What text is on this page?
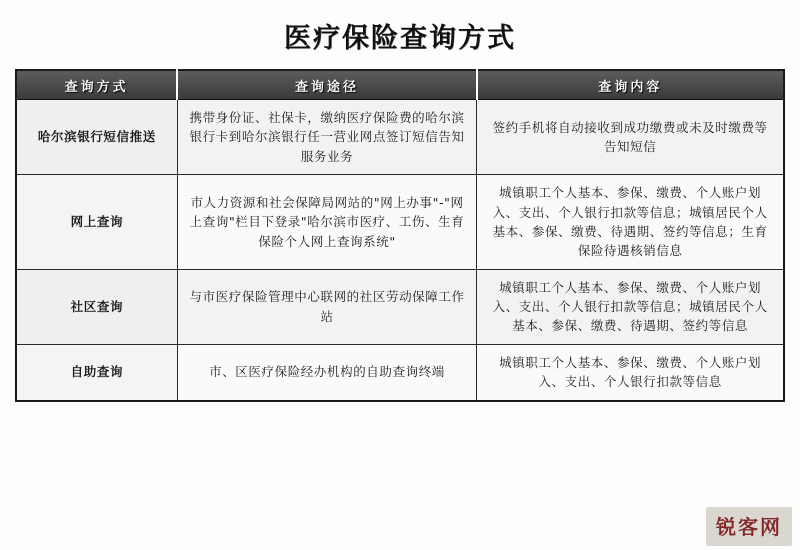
医疗保险查询方式
查询方式	查询途径	查询内容
哈尔滨银行短信推送	携带身份证、社保卡，缴纳医疗保险费的哈尔滨银行卡到哈尔滨银行任一营业网点签订短信告知服务业务	签约手机将自动接收到成功缴费或未及时缴费等告知短信
网上查询	市人力资源和社会保障局网站的"网上办事"-"网上查询"栏目下登录"哈尔滨市医疗、工伤、生育保险个人网上查询系统"	城镇职工个人基本、参保、缴费、个人账户划入、支出、个人银行扣款等信息；城镇居民个人基本、参保、缴费、待遇期、签约等信息；生育保险待遇核销信息
社区查询	与市医疗保险管理中心联网的社区劳动保障工作站	城镇职工个人基本、参保、缴费、个人账户划入、支出、个人银行扣款等信息；城镇居民个人基本、参保、缴费、待遇期、签约等信息
自助查询	市、区医疗保险经办机构的自助查询终端	城镇职工个人基本、参保、缴费、个人账户划入、支出、个人银行扣款等信息
锐客网
